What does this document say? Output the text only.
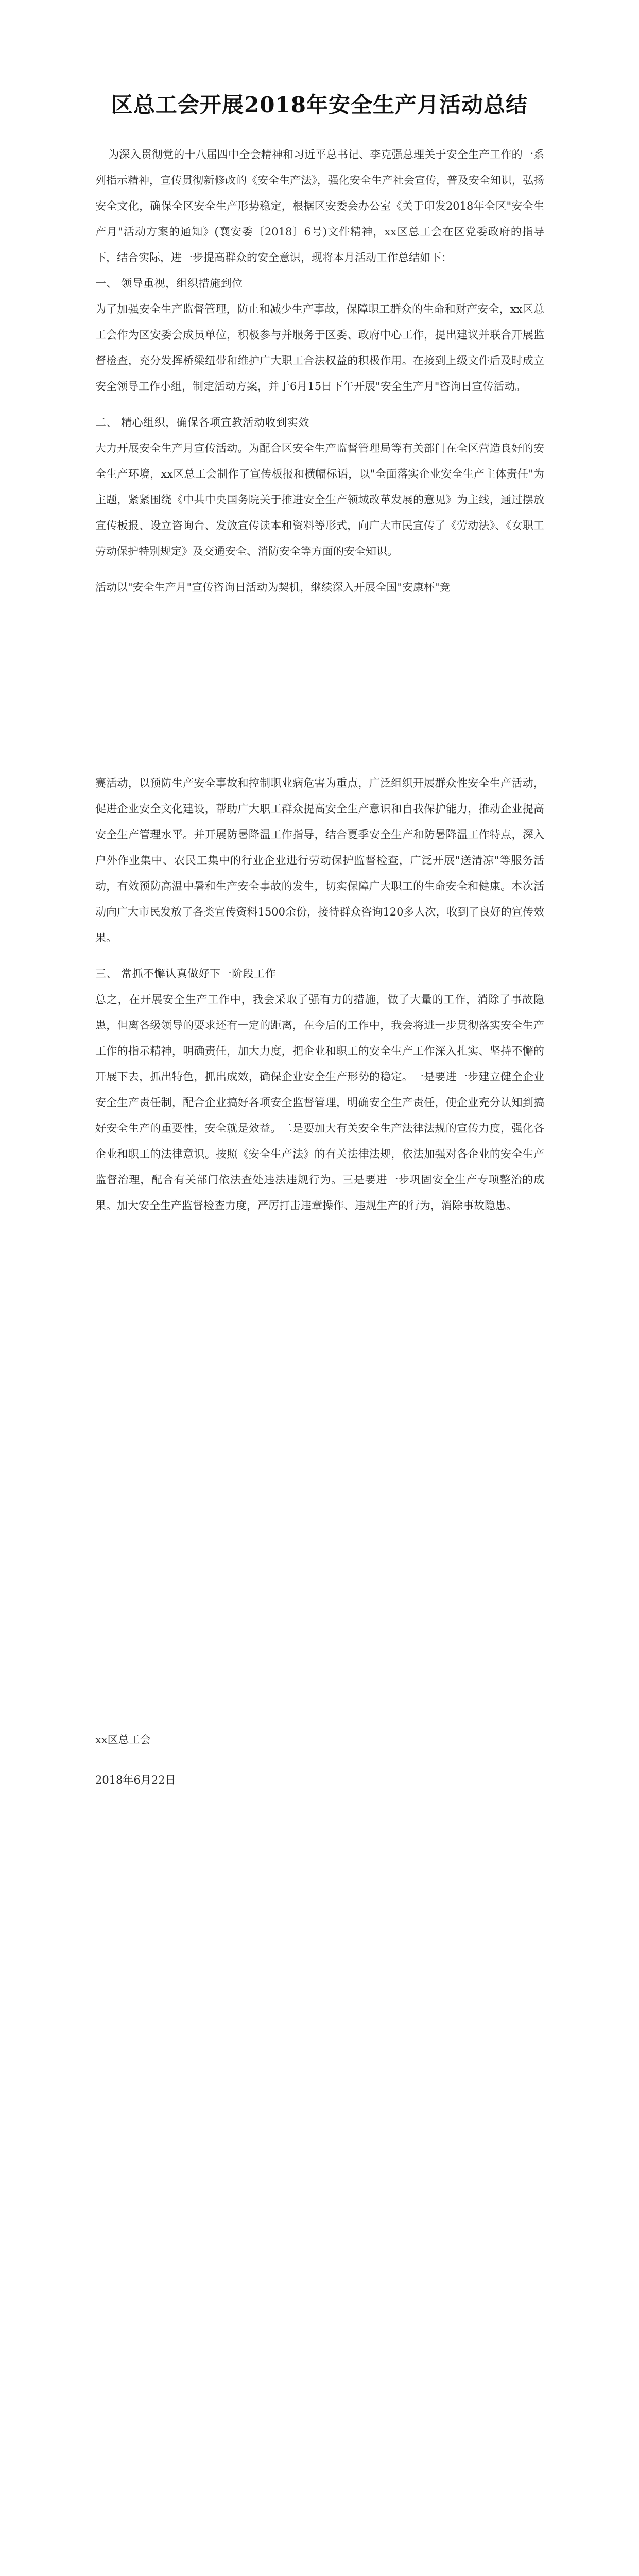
区总工会开展2018年安全生产月活动总结

为深入贯彻党的十八届四中全会精神和习近平总书记、李克强总理关于安全生产工作的一系列指示精神，宣传贯彻新修改的《安全生产法》，强化安全生产社会宣传，普及安全知识，弘扬安全文化，确保全区安全生产形势稳定，根据区安委会办公室《关于印发2018年全区"安全生产月"活动方案的通知》(襄安委〔2018〕6号)文件精神，xx区总工会在区党委政府的指导下，结合实际，进一步提高群众的安全意识，现将本月活动工作总结如下：

一、 领导重视，组织措施到位

为了加强安全生产监督管理，防止和减少生产事故，保障职工群众的生命和财产安全，xx区总工会作为区安委会成员单位，积极参与并服务于区委、政府中心工作，提出建议并联合开展监督检查，充分发挥桥梁纽带和维护广大职工合法权益的积极作用。在接到上级文件后及时成立安全领导工作小组，制定活动方案，并于6月15日下午开展"安全生产月"咨询日宣传活动。

二、 精心组织，确保各项宣教活动收到实效

大力开展安全生产月宣传活动。为配合区安全生产监督管理局等有关部门在全区营造良好的安全生产环境，xx区总工会制作了宣传板报和横幅标语，以"全面落实企业安全生产主体责任"为主题，紧紧围绕《中共中央国务院关于推进安全生产领域改革发展的意见》为主线，通过摆放宣传板报、设立咨询台、发放宣传读本和资料等形式，向广大市民宣传了《劳动法》、《女职工劳动保护特别规定》及交通安全、消防安全等方面的安全知识。

活动以"安全生产月"宣传咨询日活动为契机，继续深入开展全国"安康杯"竞

赛活动，以预防生产安全事故和控制职业病危害为重点，广泛组织开展群众性安全生产活动，促进企业安全文化建设，帮助广大职工群众提高安全生产意识和自我保护能力，推动企业提高安全生产管理水平。并开展防暑降温工作指导，结合夏季安全生产和防暑降温工作特点，深入户外作业集中、农民工集中的行业企业进行劳动保护监督检查，广泛开展"送清凉"等服务活动，有效预防高温中暑和生产安全事故的发生，切实保障广大职工的生命安全和健康。本次活动向广大市民发放了各类宣传资料1500余份，接待群众咨询120多人次，收到了良好的宣传效果。

三、 常抓不懈认真做好下一阶段工作

总之，在开展安全生产工作中，我会采取了强有力的措施，做了大量的工作，消除了事故隐患，但离各级领导的要求还有一定的距离，在今后的工作中，我会将进一步贯彻落实安全生产工作的指示精神，明确责任，加大力度，把企业和职工的安全生产工作深入扎实、坚持不懈的开展下去，抓出特色，抓出成效，确保企业安全生产形势的稳定。一是要进一步建立健全企业安全生产责任制，配合企业搞好各项安全监督管理，明确安全生产责任，使企业充分认知到搞好安全生产的重要性，安全就是效益。二是要加大有关安全生产法律法规的宣传力度，强化各企业和职工的法律意识。按照《安全生产法》的有关法律法规，依法加强对各企业的安全生产监督治理，配合有关部门依法查处违法违规行为。三是要进一步巩固安全生产专项整治的成果。加大安全生产监督检查力度，严厉打击违章操作、违规生产的行为，消除事故隐患。

xx区总工会
2018年6月22日
